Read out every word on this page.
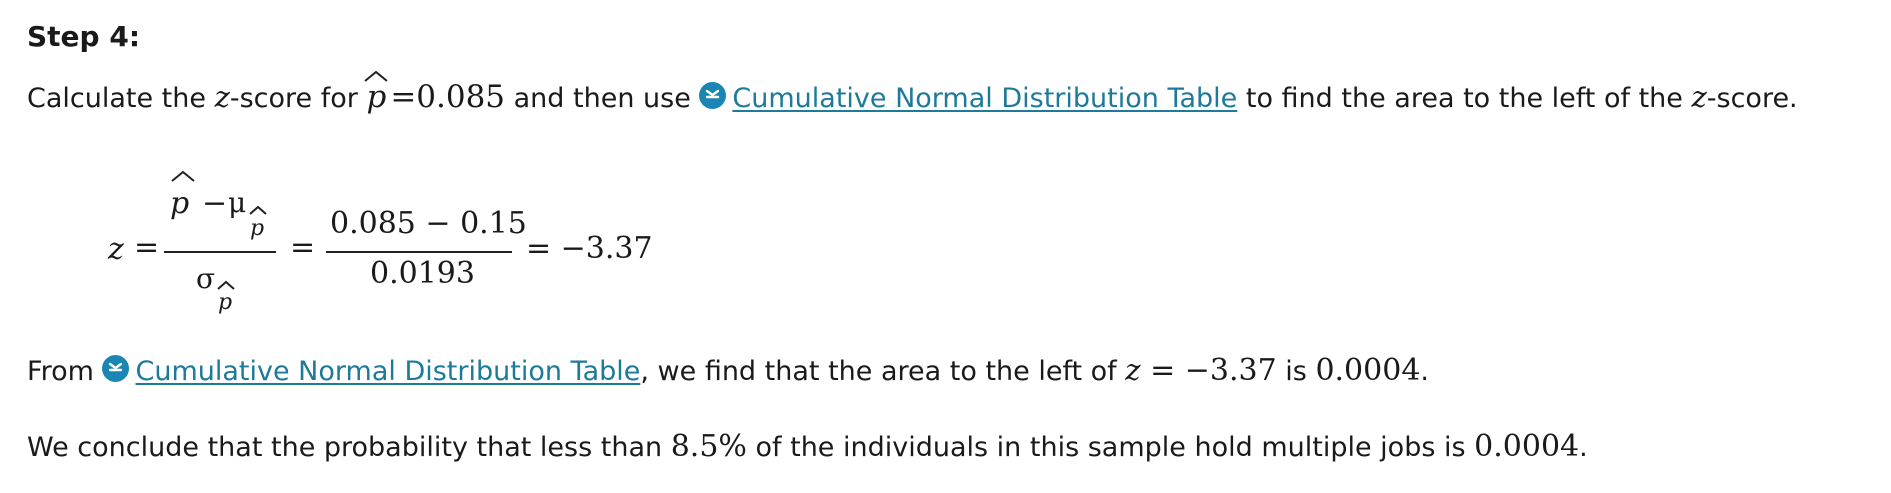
Step 4:
Calculate the z-score for
p =0.085 and then use
Cumulative Normal Distribution Table to find the area to the left of the z-score.
z =
p − μ
p
σ
p
=
0.085 − 0.15
0.0193
= −3.37
From
Cumulative Normal Distribution Table, we find that the area to the left of z = −3.37 is 0.0004.
We conclude that the probability that less than 8.5% of the individuals in this sample hold multiple jobs is 0.0004.
